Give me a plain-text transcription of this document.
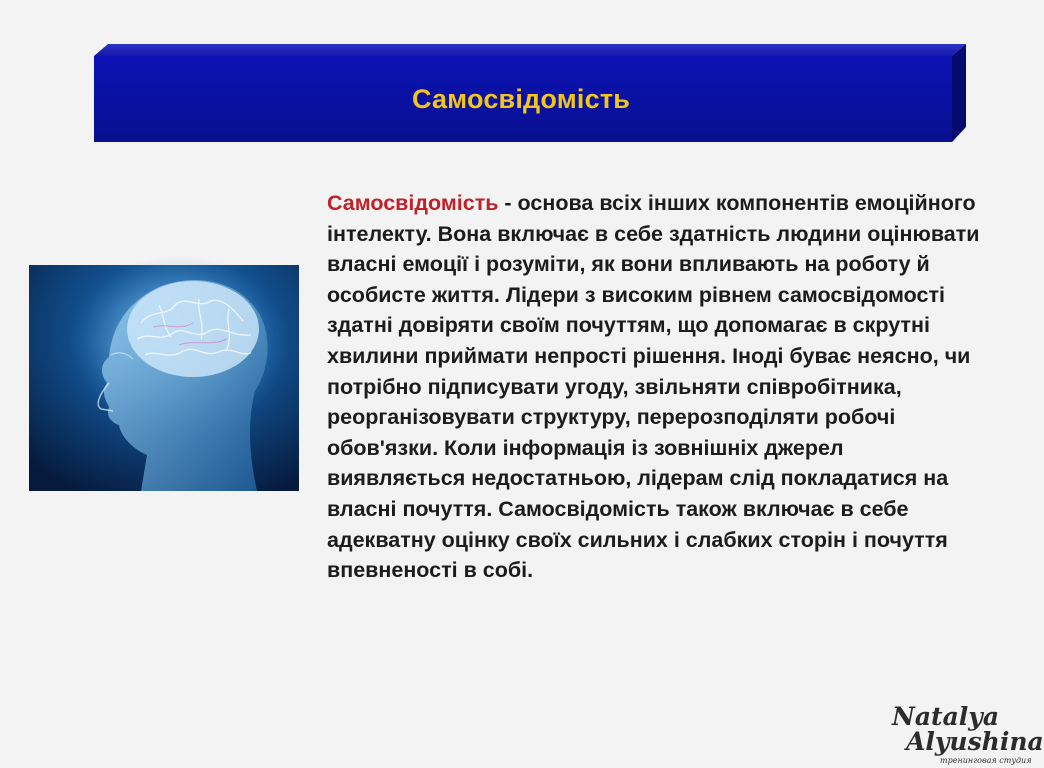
Самосвідомість
Самосвідомість - основа всіх інших компонентів емоційного інтелекту. Вона включає в себе здатність людини оцінювати власні емоції і розуміти, як вони впливають на роботу й особисте життя. Лідери з високим рівнем самосвідомості здатні довіряти своїм почуттям, що допомагає в скрутні хвилини приймати непрості рішення. Іноді буває неясно, чи потрібно підписувати угоду, звільняти співробітника, реорганізовувати структуру, перерозподіляти робочі обов'язки. Коли інформація із зовнішніх джерел виявляється недостатньою, лідерам слід покладатися на власні почуття. Самосвідомість також включає в себе адекватну оцінку своїх сильних і слабких сторін і почуття впевненості в собі.
Natalya
Alyushina
тренинговая студия
